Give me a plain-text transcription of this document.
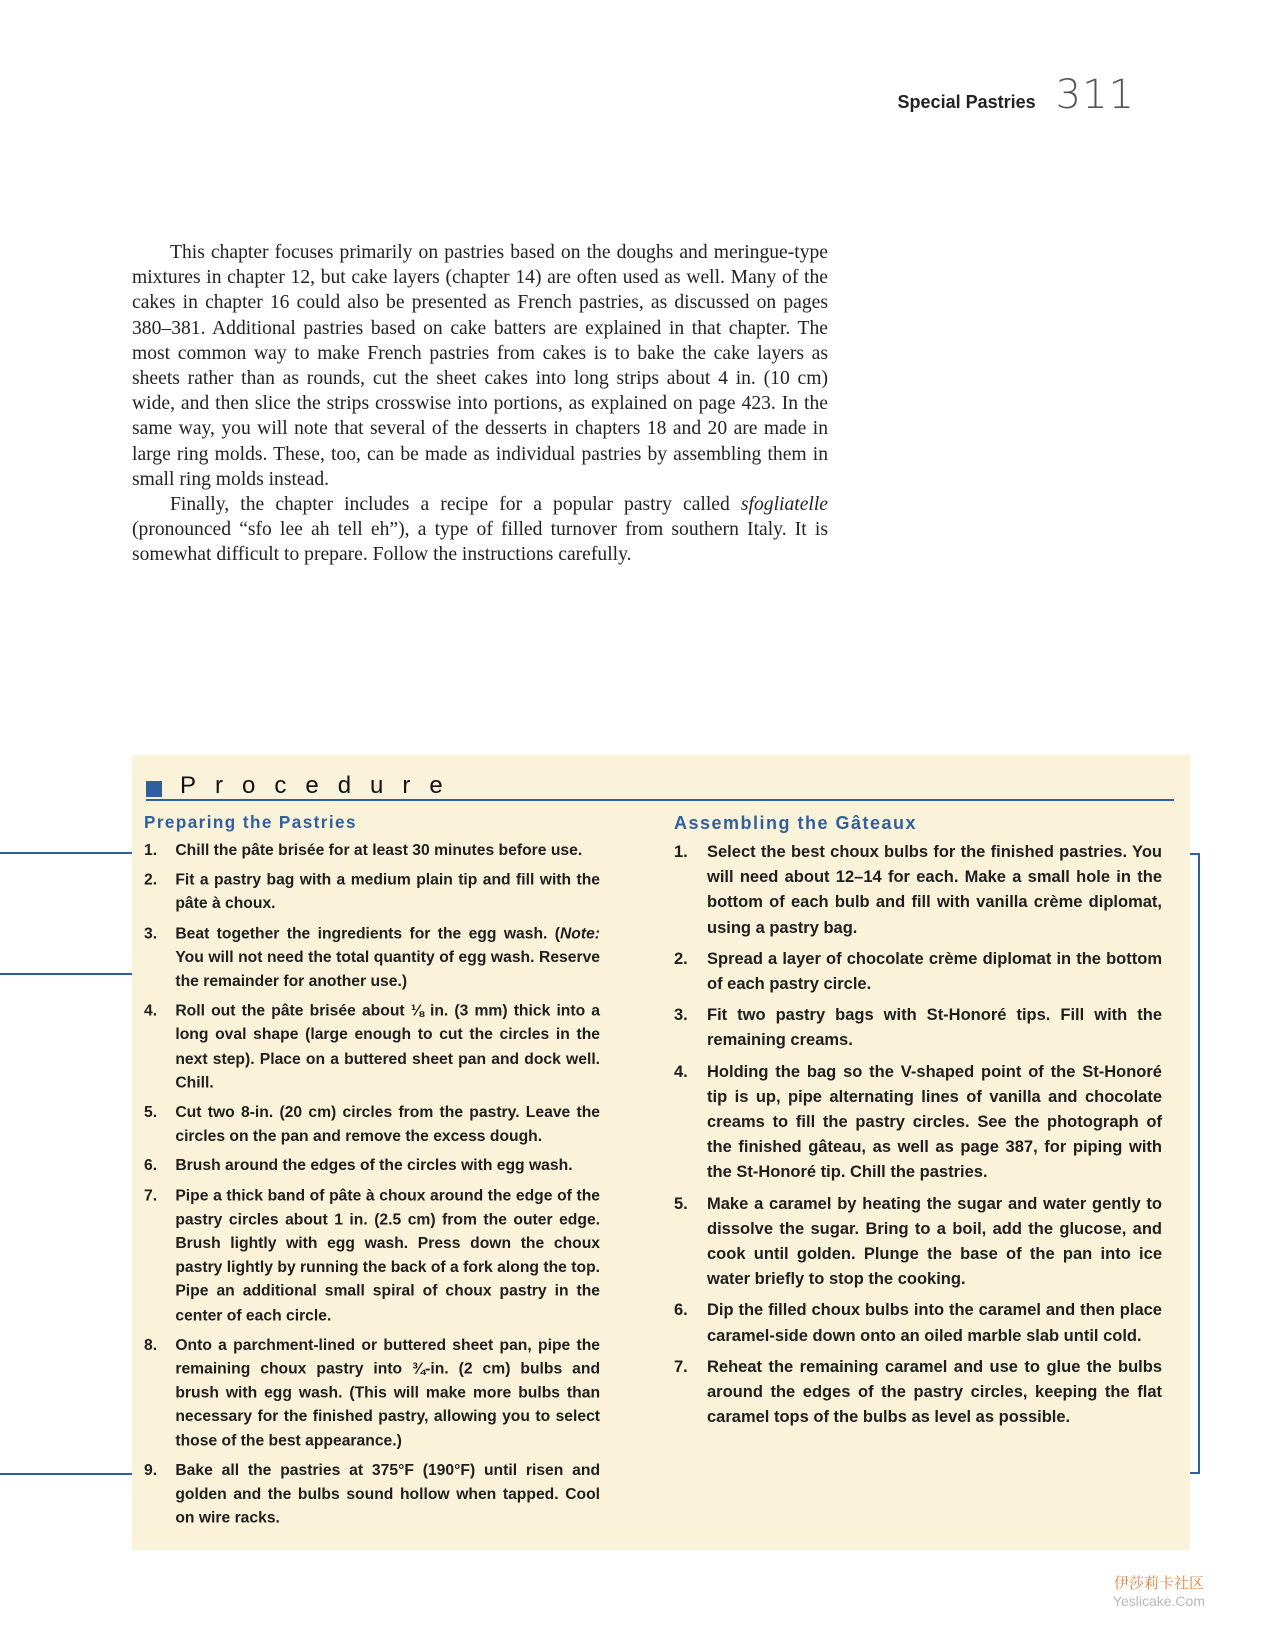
Special Pastries 311

This chapter focuses primarily on pastries based on the doughs and meringue-type mixtures in chapter 12, but cake layers (chapter 14) are often used as well. Many of the cakes in chapter 16 could also be presented as French pastries, as discussed on pages 380–381. Additional pastries based on cake batters are explained in that chapter. The most common way to make French pastries from cakes is to bake the cake layers as sheets rather than as rounds, cut the sheet cakes into long strips about 4 in. (10 cm) wide, and then slice the strips crosswise into portions, as explained on page 423. In the same way, you will note that several of the desserts in chapters 18 and 20 are made in large ring molds. These, too, can be made as individual pastries by assembling them in small ring molds instead.

Finally, the chapter includes a recipe for a popular pastry called sfogliatelle (pronounced “sfo lee ah tell eh”), a type of filled turnover from southern Italy. It is somewhat difficult to prepare. Follow the instructions carefully.

Procedure
Preparing the Pastries
1. Chill the pâte brisée for at least 30 minutes before use.
2. Fit a pastry bag with a medium plain tip and fill with the pâte à choux.
3. Beat together the ingredients for the egg wash. (Note: You will not need the total quantity of egg wash. Reserve the remainder for another use.)
4. Roll out the pâte brisée about ⅛ in. (3 mm) thick into a long oval shape (large enough to cut the circles in the next step). Place on a buttered sheet pan and dock well. Chill.
5. Cut two 8-in. (20 cm) circles from the pastry. Leave the circles on the pan and remove the excess dough.
6. Brush around the edges of the circles with egg wash.
7. Pipe a thick band of pâte à choux around the edge of the pastry circles about 1 in. (2.5 cm) from the outer edge. Brush lightly with egg wash. Press down the choux pastry lightly by running the back of a fork along the top. Pipe an additional small spiral of choux pastry in the center of each circle.
8. Onto a parchment-lined or buttered sheet pan, pipe the remaining choux pastry into ¾-in. (2 cm) bulbs and brush with egg wash. (This will make more bulbs than necessary for the finished pastry, allowing you to select those of the best appearance.)
9. Bake all the pastries at 375°F (190°F) until risen and golden and the bulbs sound hollow when tapped. Cool on wire racks.
Assembling the Gâteaux
1. Select the best choux bulbs for the finished pastries. You will need about 12–14 for each. Make a small hole in the bottom of each bulb and fill with vanilla crème diplomat, using a pastry bag.
2. Spread a layer of chocolate crème diplomat in the bottom of each pastry circle.
3. Fit two pastry bags with St-Honoré tips. Fill with the remaining creams.
4. Holding the bag so the V-shaped point of the St-Honoré tip is up, pipe alternating lines of vanilla and chocolate creams to fill the pastry circles. See the photograph of the finished gâteau, as well as page 387, for piping with the St-Honoré tip. Chill the pastries.
5. Make a caramel by heating the sugar and water gently to dissolve the sugar. Bring to a boil, add the glucose, and cook until golden. Plunge the base of the pan into ice water briefly to stop the cooking.
6. Dip the filled choux bulbs into the caramel and then place caramel-side down onto an oiled marble slab until cold.
7. Reheat the remaining caramel and use to glue the bulbs around the edges of the pastry circles, keeping the flat caramel tops of the bulbs as level as possible.
伊莎莉卡社区
Yeslicake.Com
